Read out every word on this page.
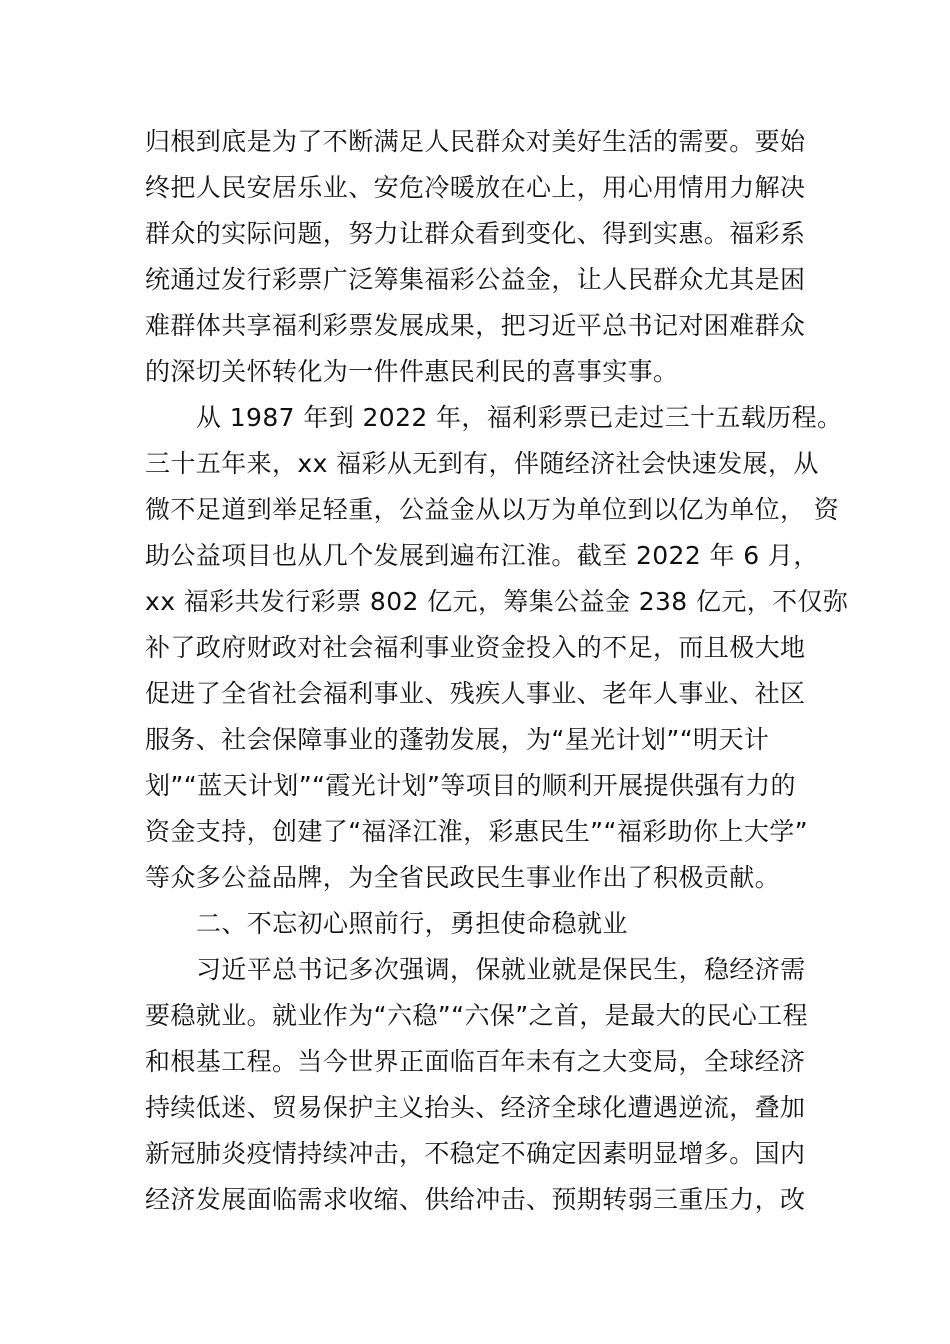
归根到底是为了不断满足人民群众对美好生活的需要。要始
终把人民安居乐业、安危冷暖放在心上，用心用情用力解决
群众的实际问题，努力让群众看到变化、得到实惠。福彩系
统通过发行彩票广泛筹集福彩公益金，让人民群众尤其是困
难群体共享福利彩票发展成果，把习近平总书记对困难群众
的深切关怀转化为一件件惠民利民的喜事实事。
从 1987 年到 2022 年，福利彩票已走过三十五载历程。
三十五年来，xx 福彩从无到有，伴随经济社会快速发展，从
微不足道到举足轻重，公益金从以万为单位到以亿为单位， 资
助公益项目也从几个发展到遍布江淮。截至 2022 年 6 月，
xx 福彩共发行彩票 802 亿元，筹集公益金 238 亿元，不仅弥
补了政府财政对社会福利事业资金投入的不足，而且极大地
促进了全省社会福利事业、残疾人事业、老年人事业、社区
服务、社会保障事业的蓬勃发展，为“星光计划”“明天计
划”“蓝天计划”“霞光计划”等项目的顺利开展提供强有力的
资金支持，创建了“福泽江淮，彩惠民生”“福彩助你上大学”
等众多公益品牌，为全省民政民生事业作出了积极贡献。
二、不忘初心照前行，勇担使命稳就业
习近平总书记多次强调，保就业就是保民生，稳经济需
要稳就业。就业作为“六稳”“六保”之首，是最大的民心工程
和根基工程。当今世界正面临百年未有之大变局，全球经济
持续低迷、贸易保护主义抬头、经济全球化遭遇逆流，叠加
新冠肺炎疫情持续冲击，不稳定不确定因素明显增多。国内
经济发展面临需求收缩、供给冲击、预期转弱三重压力，改
